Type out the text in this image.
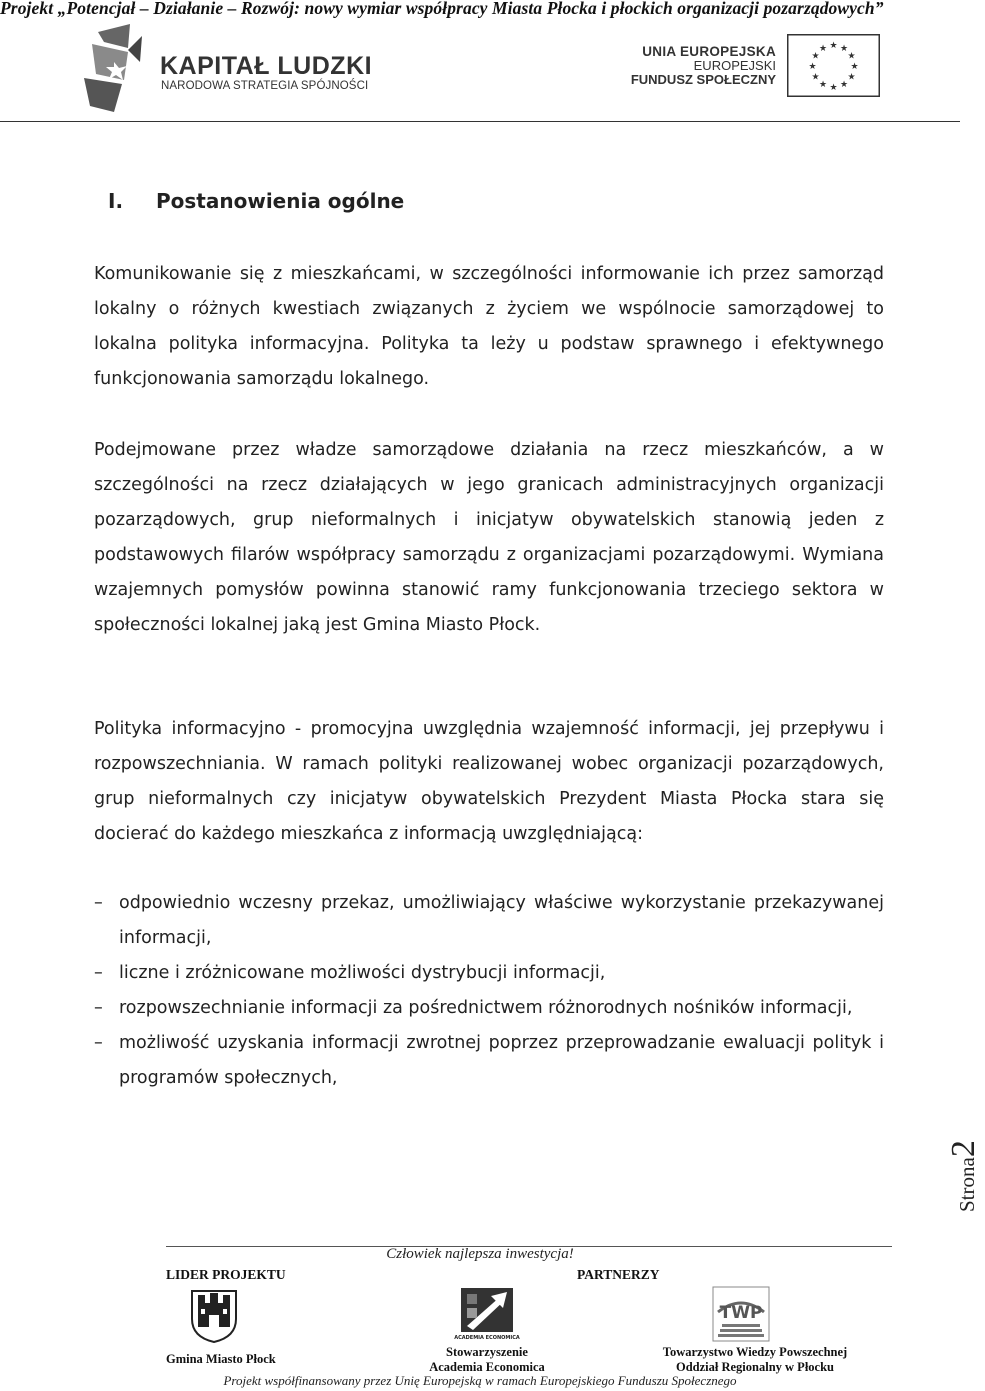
Projekt „Potencjał – Działanie – Rozwój: nowy wymiar współpracy Miasta Płocka i płockich organizacji pozarządowych”
KAPITAŁ LUDZKI
NARODOWA STRATEGIA SPÓJNOŚCI
UNIA EUROPEJSKA
EUROPEJSKI
FUNDUSZ SPOŁECZNY
★ ★
★
★
★
★
★
★
★
★
★
★
I. Postanowienia ogólne
Komunikowanie się z mieszkańcami, w szczególności informowanie ich przez samorząd lokalny o różnych kwestiach związanych z życiem we wspólnocie samorządowej to lokalna polityka informacyjna. Polityka ta leży u podstaw sprawnego i efektywnego funkcjonowania samorządu lokalnego.
Podejmowane przez władze samorządowe działania na rzecz mieszkańców, a w szczególności na rzecz działających w jego granicach administracyjnych organizacji pozarządowych, grup nieformalnych i inicjatyw obywatelskich stanowią jeden z podstawowych filarów współpracy samorządu z organizacjami pozarządowymi. Wymiana wzajemnych pomysłów powinna stanowić ramy funkcjonowania trzeciego sektora w społeczności lokalnej jaką jest Gmina Miasto Płock.
Polityka informacyjno - promocyjna uwzględnia wzajemność informacji, jej przepływu i rozpowszechniania. W ramach polityki realizowanej wobec organizacji pozarządowych, grup nieformalnych czy inicjatyw obywatelskich Prezydent Miasta Płocka stara się docierać do każdego mieszkańca z informacją uwzględniającą:
– odpowiednio wczesny przekaz, umożliwiający właściwe wykorzystanie przekazywanej informacji,
– liczne i zróżnicowane możliwości dystrybucji informacji,
– rozpowszechnianie informacji za pośrednictwem różnorodnych nośników informacji,
– możliwość uzyskania informacji zwrotnej poprzez przeprowadzanie ewaluacji polityk i programów społecznych,
Strona2
Człowiek najlepsza inwestycja!
LIDER PROJEKTU	PARTNERZY
ACADEMIA ECONOMICA
TWP
Gmina Miasto Płock	Stowarzyszenie
Academia Economica
Towarzystwo Wiedzy Powszechnej
Oddział Regionalny w Płocku
Projekt współfinansowany przez Unię Europejską w ramach Europejskiego Funduszu Społecznego
